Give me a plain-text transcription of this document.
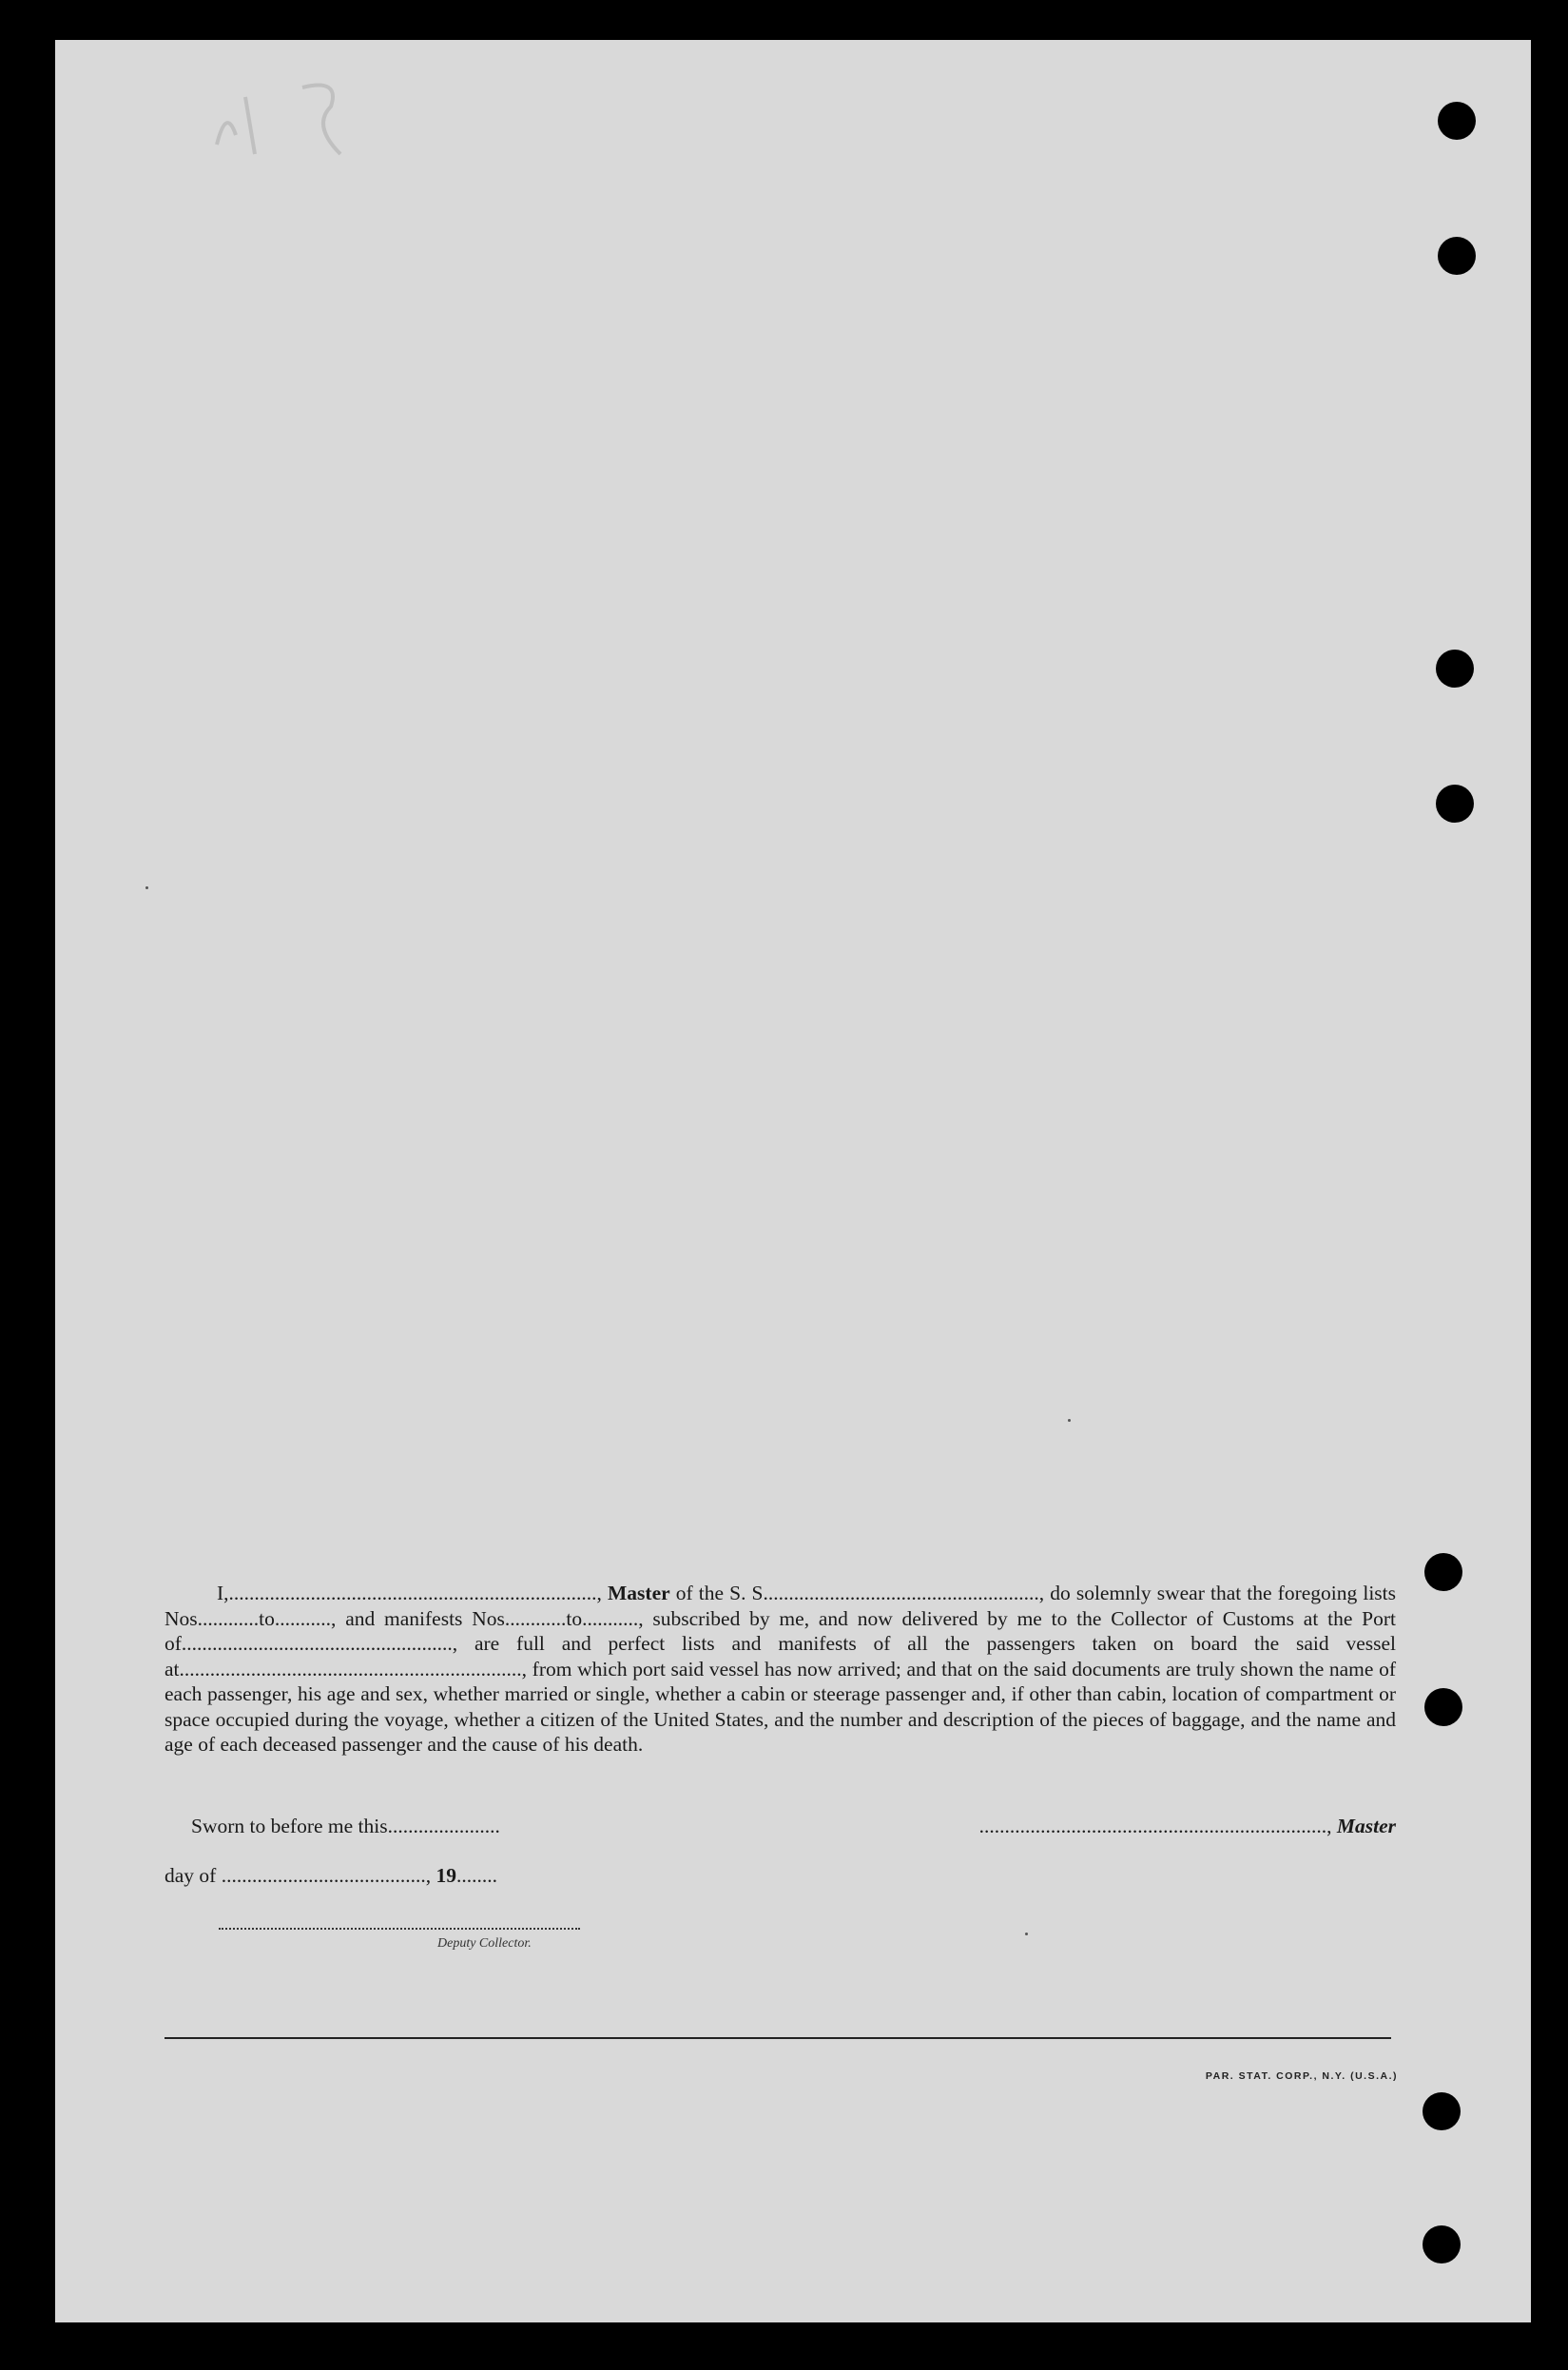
I,........................................................................, Master of the S. S......................................................, do solemnly swear that the foregoing lists Nos............to..........., and manifests Nos............to..........., subscribed by me, and now delivered by me to the Collector of Customs at the Port of....................................................., are full and perfect lists and manifests of all the passengers taken on board the said vessel at..................................................................., from which port said vessel has now arrived; and that on the said documents are truly shown the name of each passenger, his age and sex, whether married or single, whether a cabin or steerage passenger and, if other than cabin, location of compartment or space occupied during the voyage, whether a citizen of the United States, and the number and description of the pieces of baggage, and the name and age of each deceased passenger and the cause of his death.

Sworn to before me this......................	...................................................................., Master
day of ........................................, 19........
Deputy Collector.
PAR. STAT. CORP., N.Y. (U.S.A.)
